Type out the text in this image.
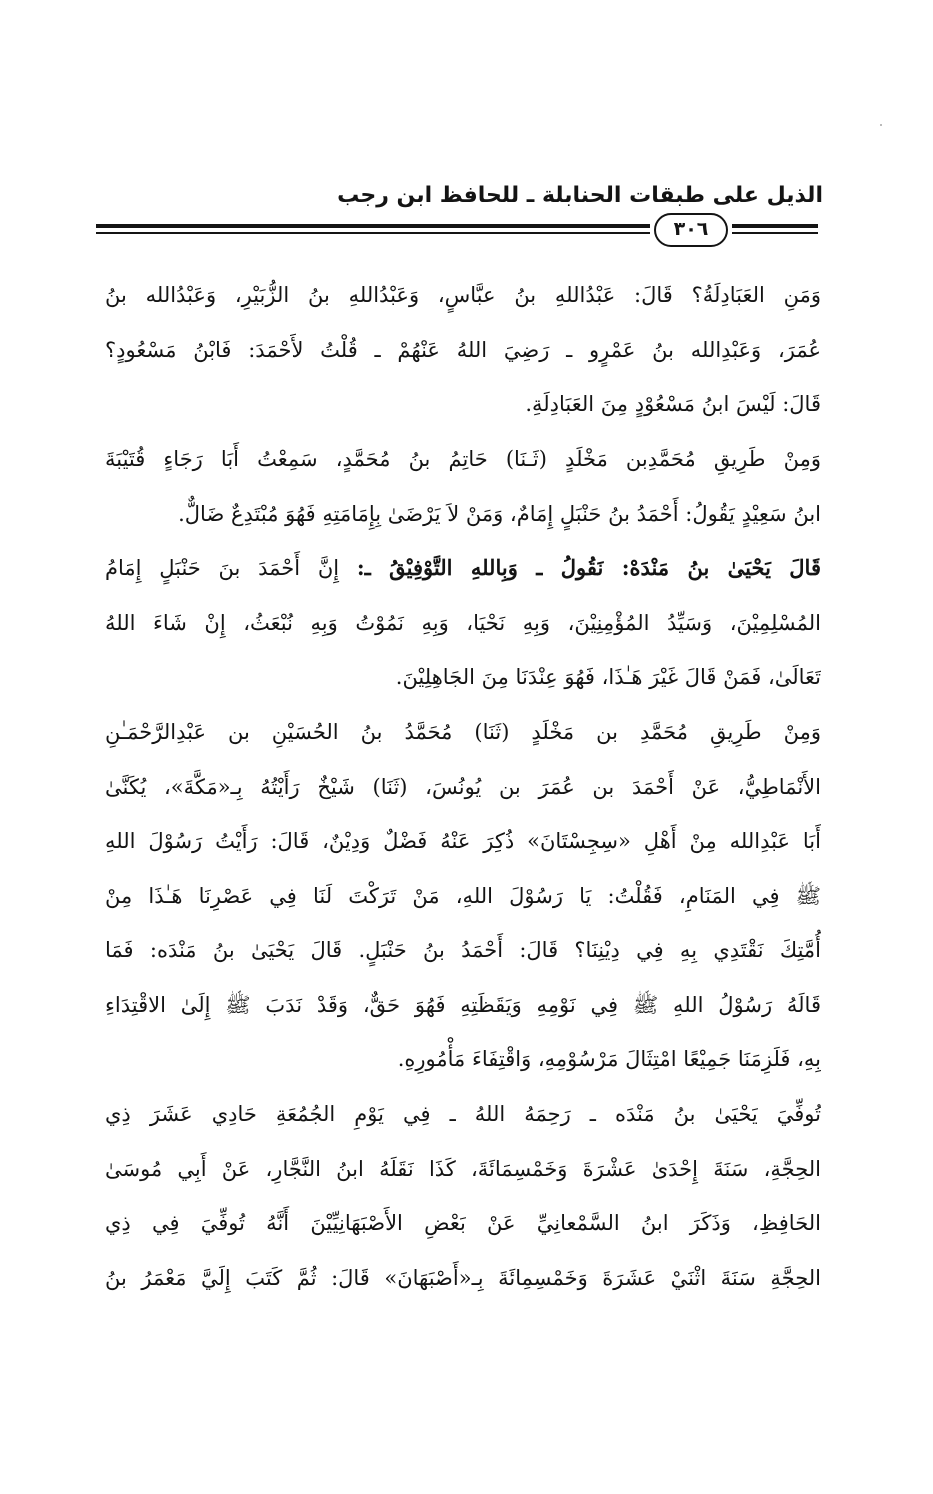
الذيل على طبقات الحنابلة ـ للحافظ ابن رجب
٣٠٦
وَمَنِ العَبَادِلَةُ؟ قَالَ: عَبْدُاللهِ بنُ عبَّاسٍ، وَعَبْدُاللهِ بنُ الزُّبَيْرِ، وَعَبْدُالله بنُ
عُمَرَ، وَعَبْدِالله بنُ عَمْرٍو ـ رَضِيَ اللهُ عَنْهُمْ ـ قُلْتُ لأَحْمَدَ: فَابْنُ مَسْعُودٍ؟
قَالَ: لَيْسَ ابنُ مَسْعُوْدٍ مِنَ العَبَادِلَةِ.
وَمِنْ طَرِيقِ مُحَمَّدِبن مَخْلَدٍ (ثَـنَا) حَاتِمُ بنُ مُحَمَّدٍ، سَمِعْتُ أَبَا رَجَاءٍ قُتَيْبَةَ
ابنُ سَعِيْدٍ يَقُولُ: أَحْمَدُ بنُ حَنْبَلٍ إِمَامٌ، وَمَنْ لاَ يَرْضَىٰ بِإِمَامَتِهِ فَهُوَ مُبْتَدِعٌ ضَالٌّ.
قَالَ يَحْيَىٰ بنُ مَنْدَهْ: نَقُولُ ـ وَبِاللهِ التَّوْفِيْقُ ـ: إِنَّ أَحْمَدَ بنَ حَنْبَلٍ إِمَامُ
المُسْلِمِيْنَ، وَسَيِّدُ المُؤْمِنِيْنَ، وَبِهِ نَحْيَا، وَبِهِ نَمُوْتُ وَبِهِ نُبْعَثُ، إِنْ شَاءَ اللهُ
تَعَالَىٰ، فَمَنْ قَالَ غَيْرَ هَـٰذَا، فَهُوَ عِنْدَنَا مِنَ الجَاهِلِيْنَ.
وَمِنْ طَرِيقِ مُحَمَّدِ بن مَخْلَدٍ (ثَنَا) مُحَمَّدُ بنُ الحُسَيْنِ بن عَبْدِالرَّحْمَـٰنِ
الأَنْمَاطِيُّ، عَنْ أَحْمَدَ بن عُمَرَ بن يُونُسَ، (ثَنَا) شَيْخٌ رَأَيْتُهُ بِـ«مَكَّةَ»، يُكَنَّىٰ
أَبَا عَبْدِالله مِنْ أَهْلِ «سِجِسْتَانَ» ذُكِرَ عَنْهُ فَضْلٌ وَدِيْنٌ، قَالَ: رَأَيْتُ رَسُوْلَ اللهِ
ﷺ فِي المَنَامِ، فَقُلْتُ: يَا رَسُوْلَ اللهِ، مَنْ تَرَكْتَ لَنَا فِي عَصْرِنَا هَـٰذَا مِنْ
أُمَّتِكَ نَقْتَدِي بِهِ فِي دِيْنِنَا؟ قَالَ: أَحْمَدُ بنُ حَنْبَلٍ. قَالَ يَحْيَىٰ بنُ مَنْدَه: فَمَا
قَالَهُ رَسُوْلُ اللهِ ﷺ فِي نَوْمِهِ وَيَقَظَتِهِ فَهُوَ حَقٌّ، وَقَدْ نَدَبَ ﷺ إِلَىٰ الاقْتِدَاءِ
بِهِ، فَلَزِمَنَا جَمِيْعًا امْتِثَالَ مَرْسُوْمِهِ، وَاقْتِفَاءَ مَأْمُورِهِ.
تُوفِّيَ يَحْيَىٰ بنُ مَنْدَه ـ رَحِمَهُ اللهُ ـ فِي يَوْمِ الجُمُعَةِ حَادِي عَشَرَ ذِي
الحِجَّةِ، سَنَةَ إِحْدَىٰ عَشْرَةَ وَخَمْسِمَائَةَ، كَذَا نَقَلَهُ ابنُ النَّجَّارِ، عَنْ أَبِي مُوسَىٰ
الحَافِظِ، وَذَكَرَ ابنُ السَّمْعانِيِّ عَنْ بَعْضِ الأَصْبَهَانِيِّيْنَ أَنَّهُ تُوفِّيَ فِي ذِي
الحِجَّةِ سَنَةَ اثْنَيْ عَشَرَةَ وَخَمْسِمِائَةَ بِـ«أَصْبَهَانَ» قَالَ: ثُمَّ كَتَبَ إِلَيَّ مَعْمَرُ بنُ
